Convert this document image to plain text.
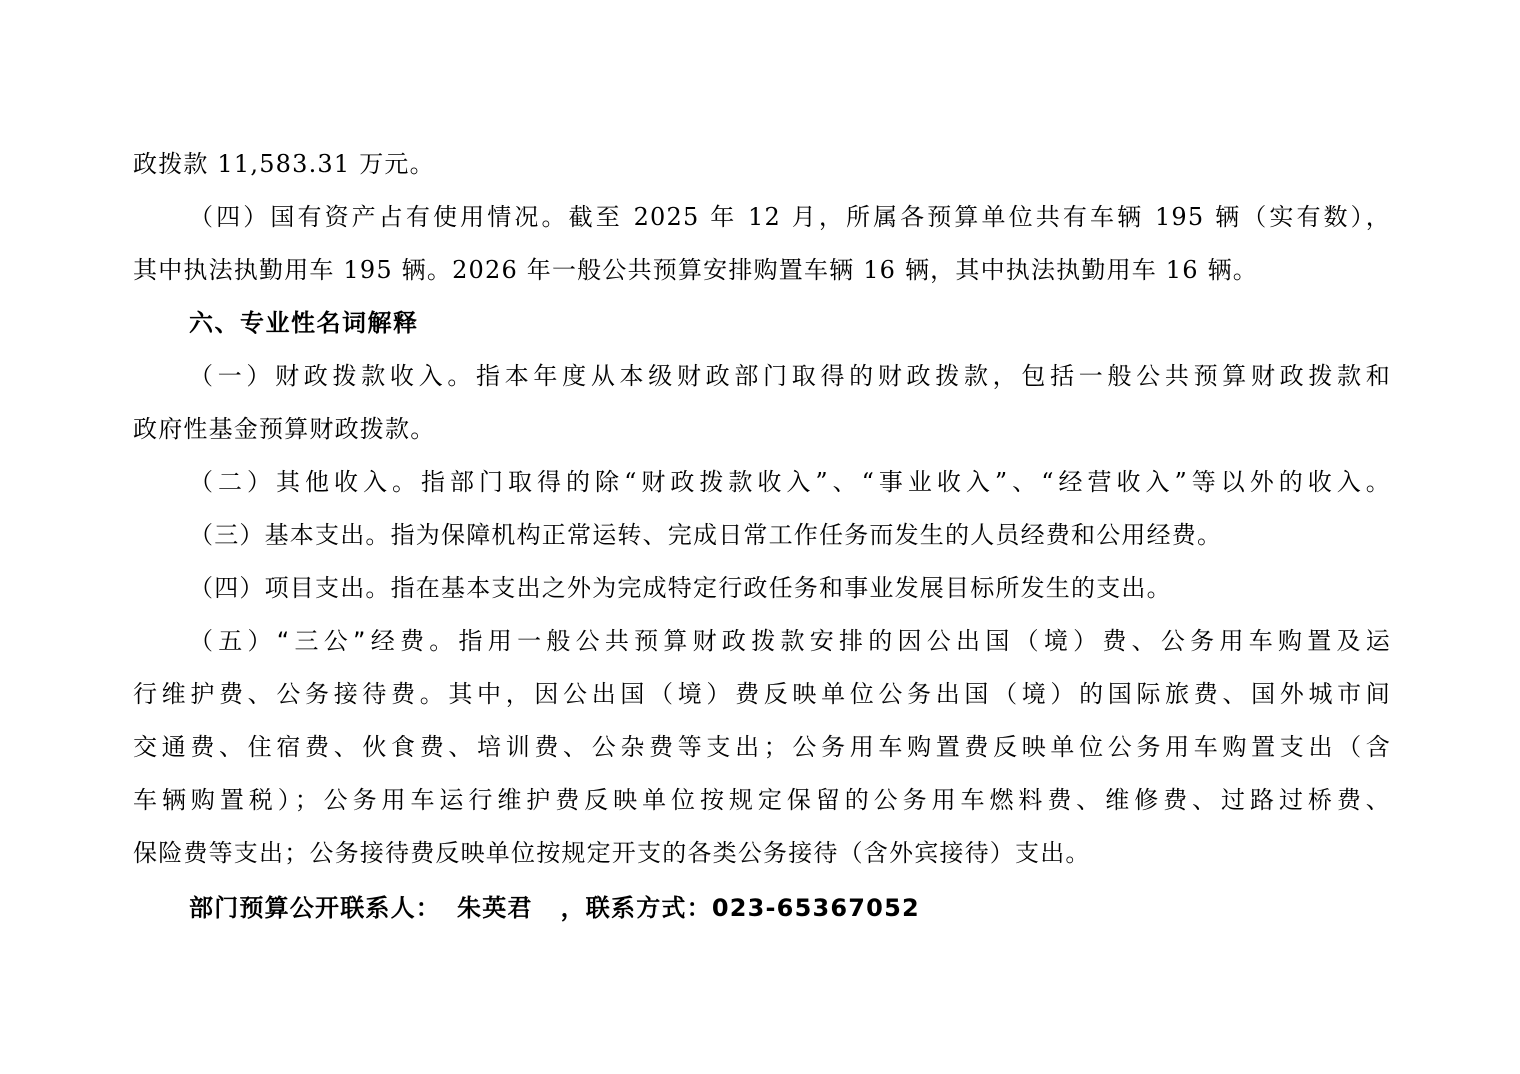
政拨款 11,583.31 万元。
（四）国有资产占有使用情况。截至 2025 年 12 月，所属各预算单位共有车辆 195 辆（实有数），
其中执法执勤用车 195 辆。2026 年一般公共预算安排购置车辆 16 辆，其中执法执勤用车 16 辆。
六、专业性名词解释
（一）财政拨款收入。指本年度从本级财政部门取得的财政拨款，包括一般公共预算财政拨款和
政府性基金预算财政拨款。
（二）其他收入。指部门取得的除“财政拨款收入”、“事业收入”、“经营收入”等以外的收入。
（三）基本支出。指为保障机构正常运转、完成日常工作任务而发生的人员经费和公用经费。
（四）项目支出。指在基本支出之外为完成特定行政任务和事业发展目标所发生的支出。
（五）“三公”经费。指用一般公共预算财政拨款安排的因公出国（境）费、公务用车购置及运
行维护费、公务接待费。其中，因公出国（境）费反映单位公务出国（境）的国际旅费、国外城市间
交通费、住宿费、伙食费、培训费、公杂费等支出；公务用车购置费反映单位公务用车购置支出（含
车辆购置税）；公务用车运行维护费反映单位按规定保留的公务用车燃料费、维修费、过路过桥费、
保险费等支出；公务接待费反映单位按规定开支的各类公务接待（含外宾接待）支出。
部门预算公开联系人： 朱英君 ，联系方式：023-65367052
